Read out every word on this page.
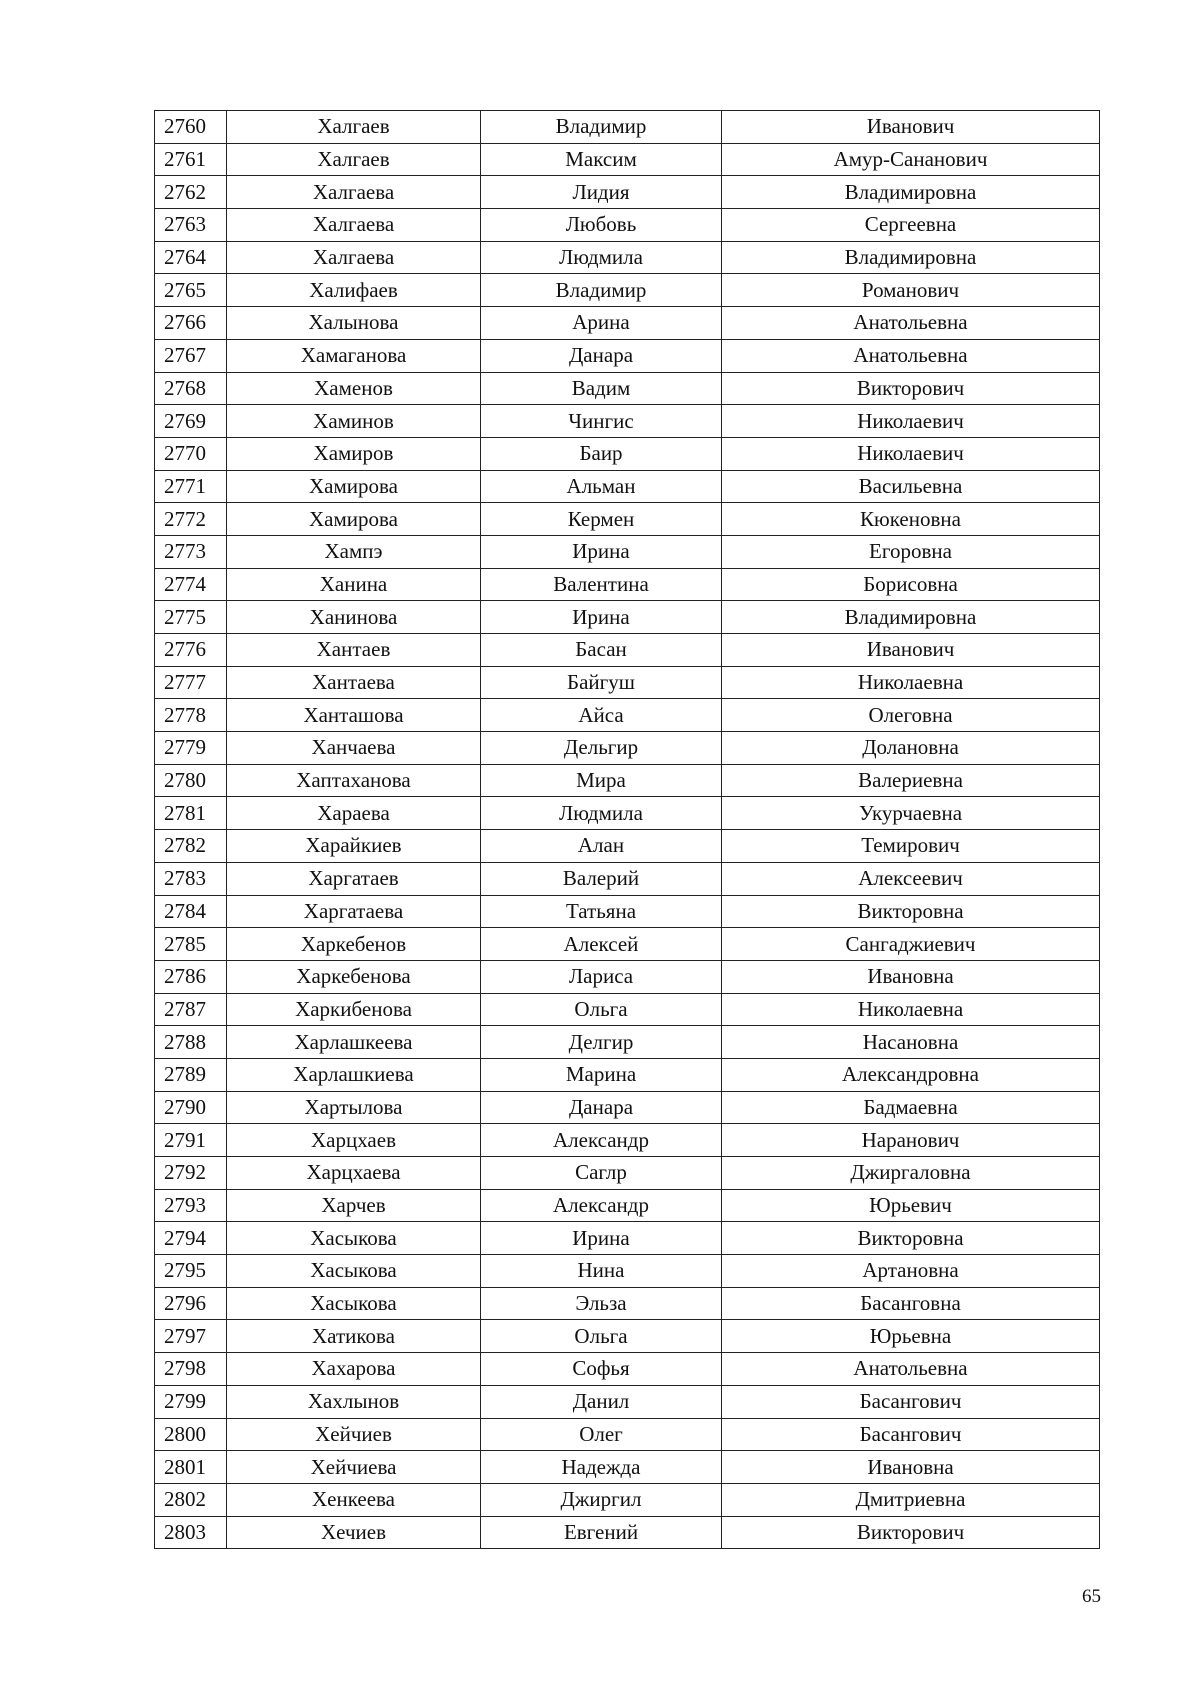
2760	Халгаев	Владимир	Иванович
2761	Халгаев	Максим	Амур-Сананович
2762	Халгаева	Лидия	Владимировна
2763	Халгаева	Любовь	Сергеевна
2764	Халгаева	Людмила	Владимировна
2765	Халифаев	Владимир	Романович
2766	Халынова	Арина	Анатольевна
2767	Хамаганова	Данара	Анатольевна
2768	Хаменов	Вадим	Викторович
2769	Хаминов	Чингис	Николаевич
2770	Хамиров	Баир	Николаевич
2771	Хамирова	Альман	Васильевна
2772	Хамирова	Кермен	Кюкеновна
2773	Хампэ	Ирина	Егоровна
2774	Ханина	Валентина	Борисовна
2775	Ханинова	Ирина	Владимировна
2776	Хантаев	Басан	Иванович
2777	Хантаева	Байгуш	Николаевна
2778	Ханташова	Айса	Олеговна
2779	Ханчаева	Дельгир	Долановна
2780	Хаптаханова	Мира	Валериевна
2781	Хараева	Людмила	Укурчаевна
2782	Харайкиев	Алан	Темирович
2783	Харгатаев	Валерий	Алексеевич
2784	Харгатаева	Татьяна	Викторовна
2785	Харкебенов	Алексей	Сангаджиевич
2786	Харкебенова	Лариса	Ивановна
2787	Харкибенова	Ольга	Николаевна
2788	Харлашкеева	Делгир	Насановна
2789	Харлашкиева	Марина	Александровна
2790	Хартылова	Данара	Бадмаевна
2791	Харцхаев	Александр	Наранович
2792	Харцхаева	Саглр	Джиргаловна
2793	Харчев	Александр	Юрьевич
2794	Хасыкова	Ирина	Викторовна
2795	Хасыкова	Нина	Артановна
2796	Хасыкова	Эльза	Басанговна
2797	Хатикова	Ольга	Юрьевна
2798	Хахарова	Софья	Анатольевна
2799	Хахлынов	Данил	Басангович
2800	Хейчиев	Олег	Басангович
2801	Хейчиева	Надежда	Ивановна
2802	Хенкеева	Джиргил	Дмитриевна
2803	Хечиев	Евгений	Викторович
65
